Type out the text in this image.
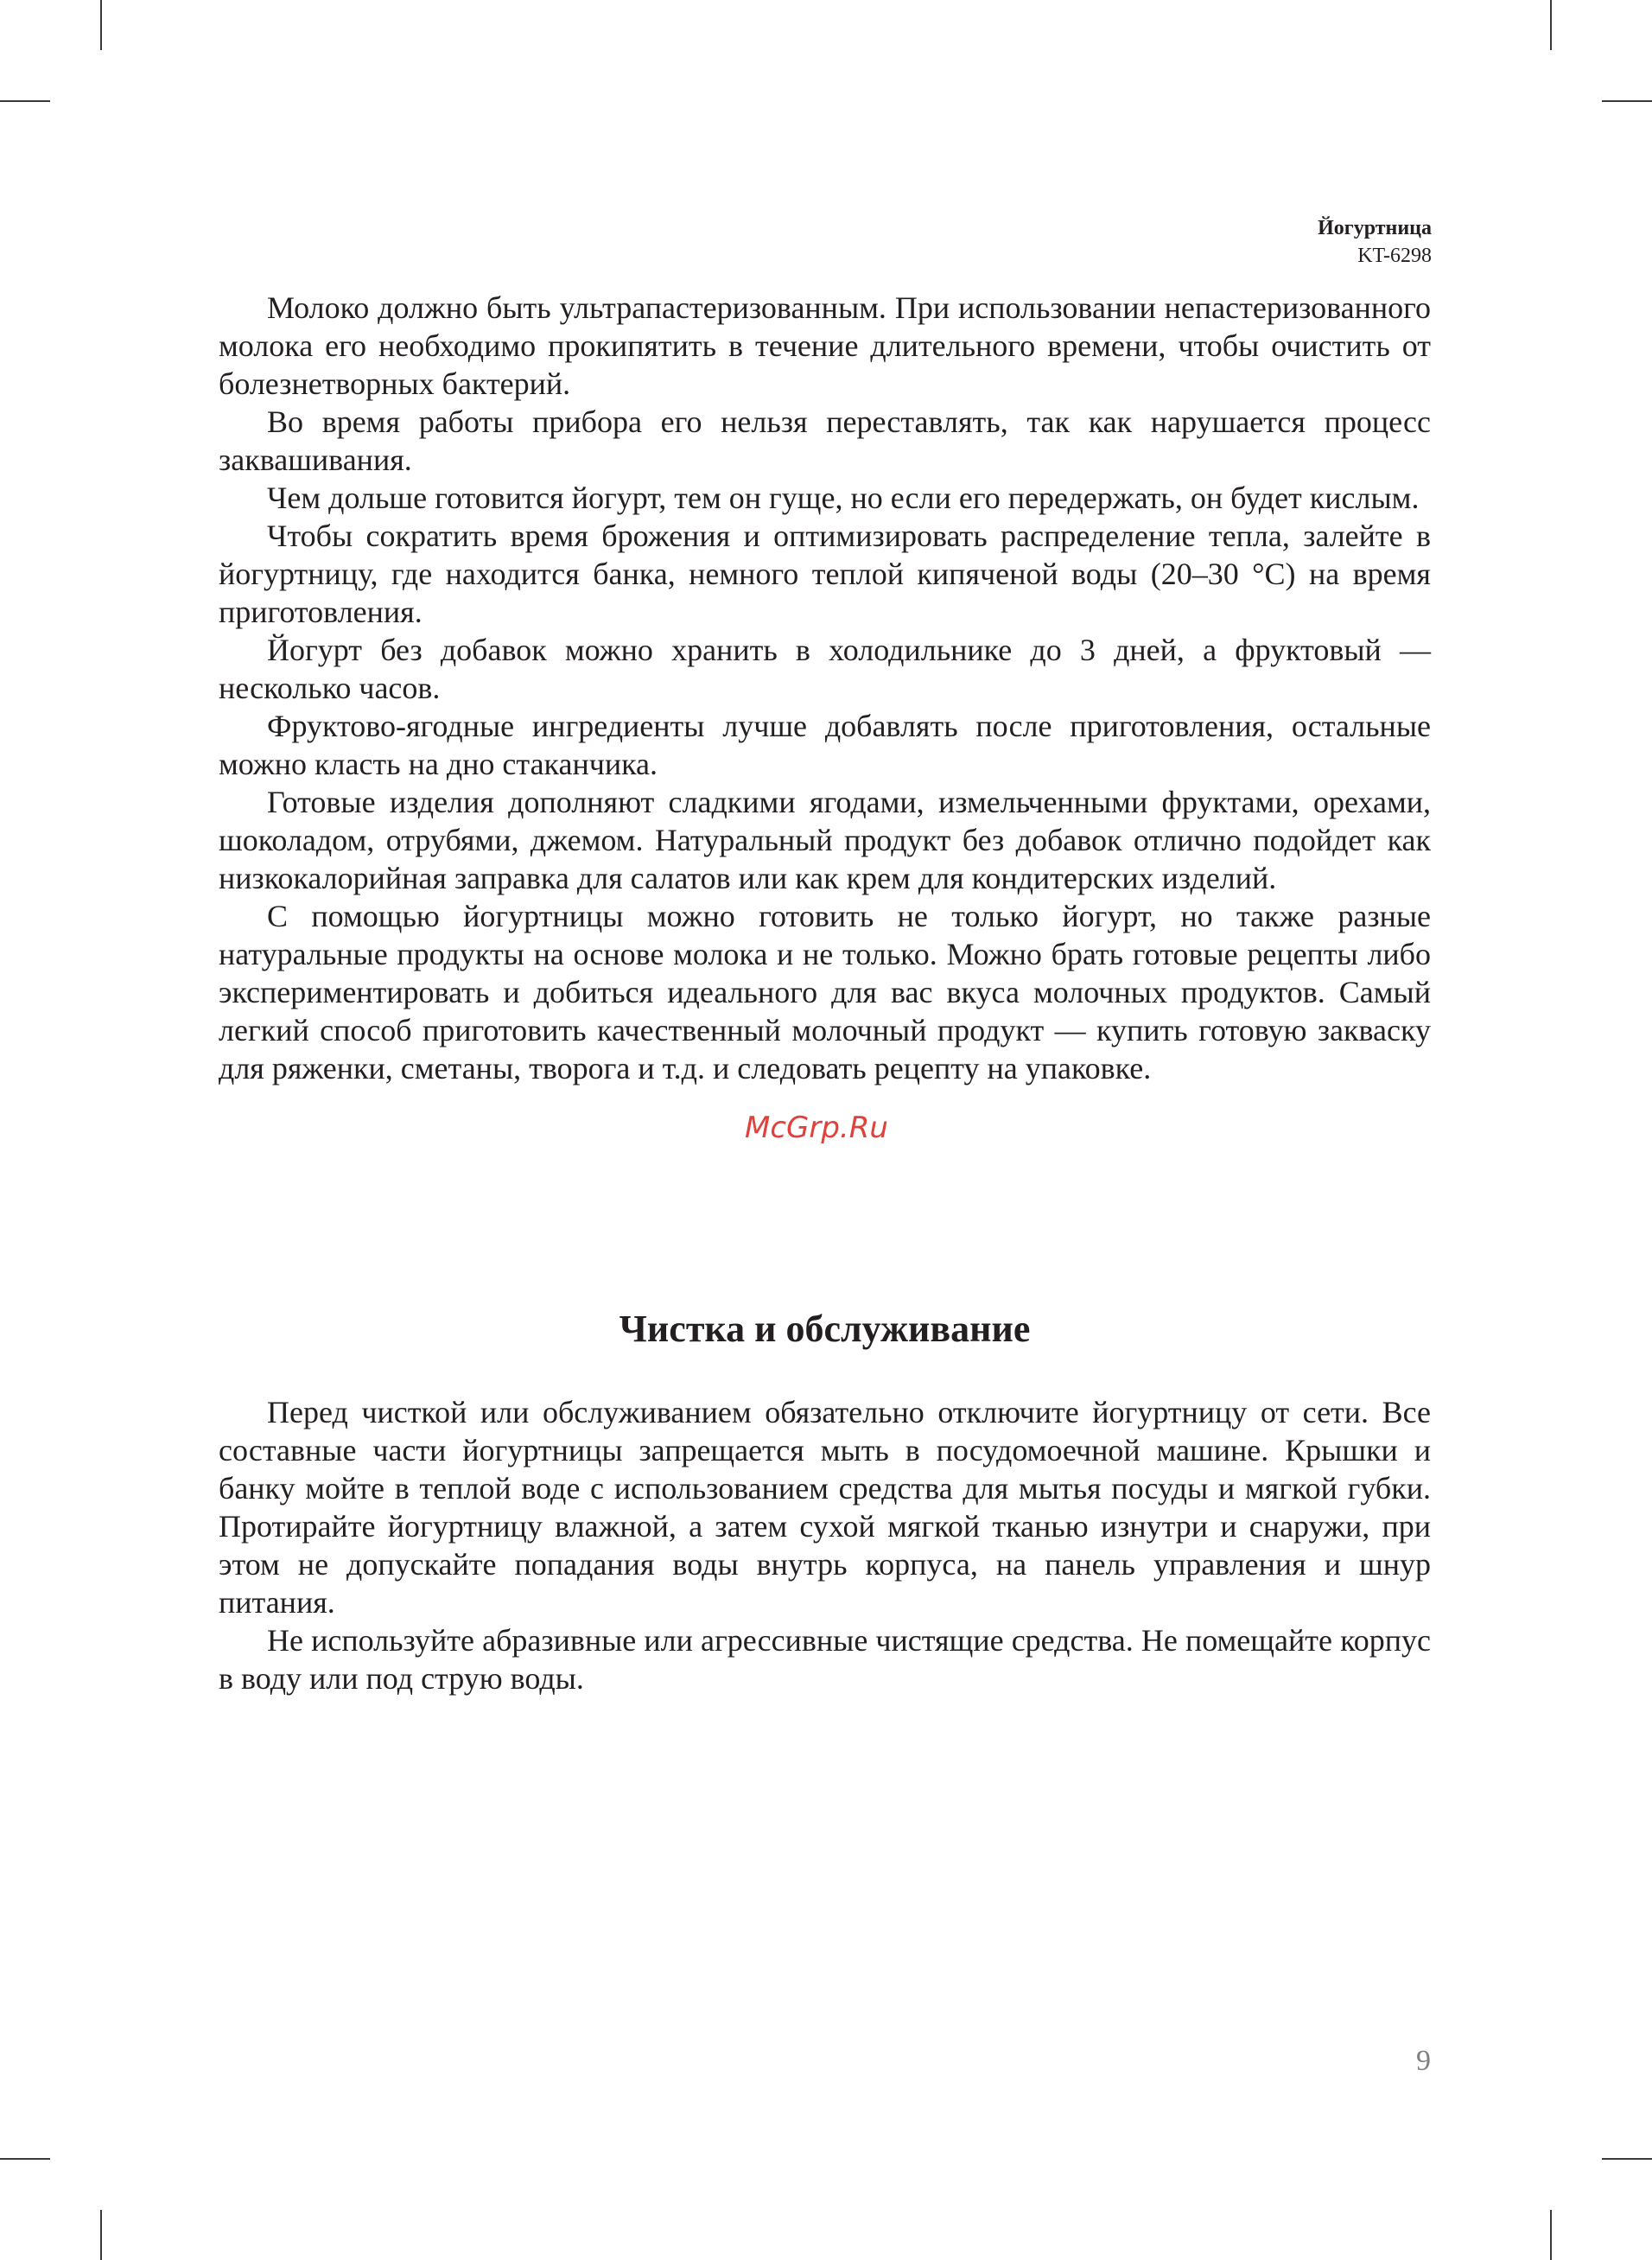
Йогуртница
KT-6298

Молоко должно быть ультрапастеризованным. При использовании непастеризованного молока его необходимо прокипятить в течение длительного времени, чтобы очистить от болезнетворных бактерий.

Во время работы прибора его нельзя переставлять, так как нарушается процесс заквашивания.

Чем дольше готовится йогурт, тем он гуще, но если его передержать, он будет кислым.

Чтобы сократить время брожения и оптимизировать распределение тепла, залейте в йогуртницу, где находится банка, немного теплой кипяченой воды (20–30 °C) на время приготовления.

Йогурт без добавок можно хранить в холодильнике до 3 дней, а фруктовый — несколько часов.

Фруктово-ягодные ингредиенты лучше добавлять после приготовления, остальные можно класть на дно стаканчика.

Готовые изделия дополняют сладкими ягодами, измельченными фруктами, орехами, шоколадом, отрубями, джемом. Натуральный продукт без добавок отлично подойдет как низкокалорийная заправка для салатов или как крем для кондитерских изделий.

С помощью йогуртницы можно готовить не только йогурт, но также разные натуральные продукты на основе молока и не только. Можно брать готовые рецепты либо экспериментировать и добиться идеального для вас вкуса молочных продуктов. Самый легкий способ приготовить качественный молочный продукт — купить готовую закваску для ряженки, сметаны, творога и т.д. и следовать рецепту на упаковке.

Чистка и обслуживание

Перед чисткой или обслуживанием обязательно отключите йогуртницу от сети. Все составные части йогуртницы запрещается мыть в посудомоечной машине. Крышки и банку мойте в теплой воде с использованием средства для мытья посуды и мягкой губки. Протирайте йогуртницу влажной, а затем сухой мягкой тканью изнутри и снаружи, при этом не допускайте попадания воды внутрь корпуса, на панель управления и шнур питания.

Не используйте абразивные или агрессивные чистящие средства. Не помещайте корпус в воду или под струю воды.

McGrp.Ru
9
